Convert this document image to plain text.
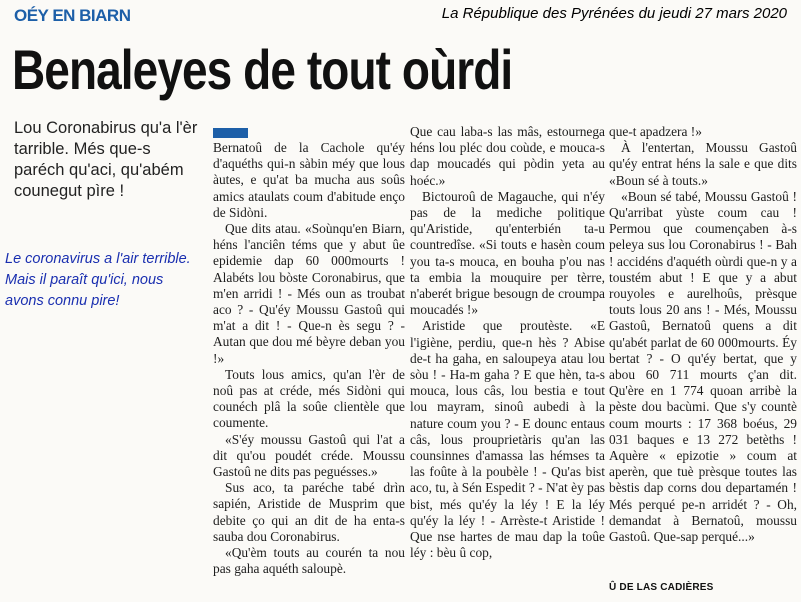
OÉY EN BIARN	La République des Pyrénées du jeudi 27 mars 2020
Benaleyes de tout oùrdi
Lou Coronabirus qu'a l'èr tarrible. Més que-s paréch qu'aci, qu'abém counegut pìre !
Le coronavirus a l'air terrible. Mais il paraît qu'ici, nous avons connu pire!

Bernatoû de la Cachole qu'éy d'aquéths qui-n sàbin méy que lous àutes, e qu'at ba mucha aus soûs amics ataulats coum d'abitude enço de Sidòni.

Que dits atau. «Soùnqu'en Biarn, héns l'anciên téms que y abut ûe epidemie dap 60 000mourts ! Alabéts lou bòste Coronabirus, que m'en arridi ! - Més oun as troubat aco ? - Qu'éy Moussu Gastoû qui m'at a dit ! - Que-n ès segu ? - Autan que dou mé bèyre deban you !»

Touts lous amics, qu'an l'èr de noû pas at créde, més Sidòni qui counéch plâ la soûe clientèle que coumente.

«S'éy moussu Gastoû qui l'at a dit qu'ou poudét créde. Moussu Gastoû ne dits pas peguésses.»

Sus aco, ta paréche tabé drìn sapién, Aristide de Musprim que debite ço qui an dit de ha enta-s sauba dou Coronabirus.

«Qu'èm touts au courén ta nou pas gaha aquéth saloupè.

Que cau laba-s las mâs, estournega héns lou pléc dou coùde, e mouca-s dap moucadés qui pòdin yeta au hoéc.»

Bictouroû de Magauche, qui n'éy pas de la mediche politique qu'Aristide, qu'enterbién ta-u countredîse. «Si touts e hasèn coum you ta-s mouca, en bouha p'ou nas ta embia la mouquire per tèrre, n'aberét brigue besougn de croumpa moucadés !»

Aristide que proutèste. «E l'igiène, perdiu, que-n hès ? Abise de-t ha gaha, en saloupeya atau lou sòu ! - Ha-m gaha ? E que hèn, ta-s mouca, lous câs, lou bestia e tout lou mayram, sinoû aubedi à la nature coum you ? - E dounc entaus câs, lous prouprietàris qu'an las counsinnes d'amassa las hémses ta las foûte à la poubèle ! - Qu'as bist aco, tu, à Sén Espedit ? - N'at èy pas bist, més qu'éy la léy ! E la léy qu'éy la léy ! - Arrèste-t Aristide ! Que nse hartes de mau dap la toûe léy : bèu û cop,

que-t apadzera !»

À l'entertan, Moussu Gastoû qu'éy entrat héns la sale e que dits «Boun sé à touts.»

«Boun sé tabé, Moussu Gastoû ! Qu'arribat yùste coum cau ! Permou que coumençaben à-s peleya sus lou Coronabirus ! - Bah ! accidéns d'aquéth oùrdi que-n y a toustém abut ! E que y a abut rouyoles e aurelhoûs, prèsque touts lous 20 ans ! - Més, Moussu Gastoû, Bernatoû quens a dit qu'abét parlat de 60 000mourts. Éy bertat ? - O qu'éy bertat, que y abou 60 711 mourts ç'an dit. Qu'ère en 1 774 quoan arribè la pèste dou bacùmi. Que s'y countè coum mourts : 17 368 boéus, 29 031 baques e 13 272 betèths ! Aquère « epizotie » coum at aperèn, que tuè prèsque toutes las bèstis dap corns dou departamén ! Més perqué pe-n arridét ? - Oh, demandat à Bernatoû, moussu Gastoû. Que-sap perqué...»

Û DE LAS CADIÈRES
